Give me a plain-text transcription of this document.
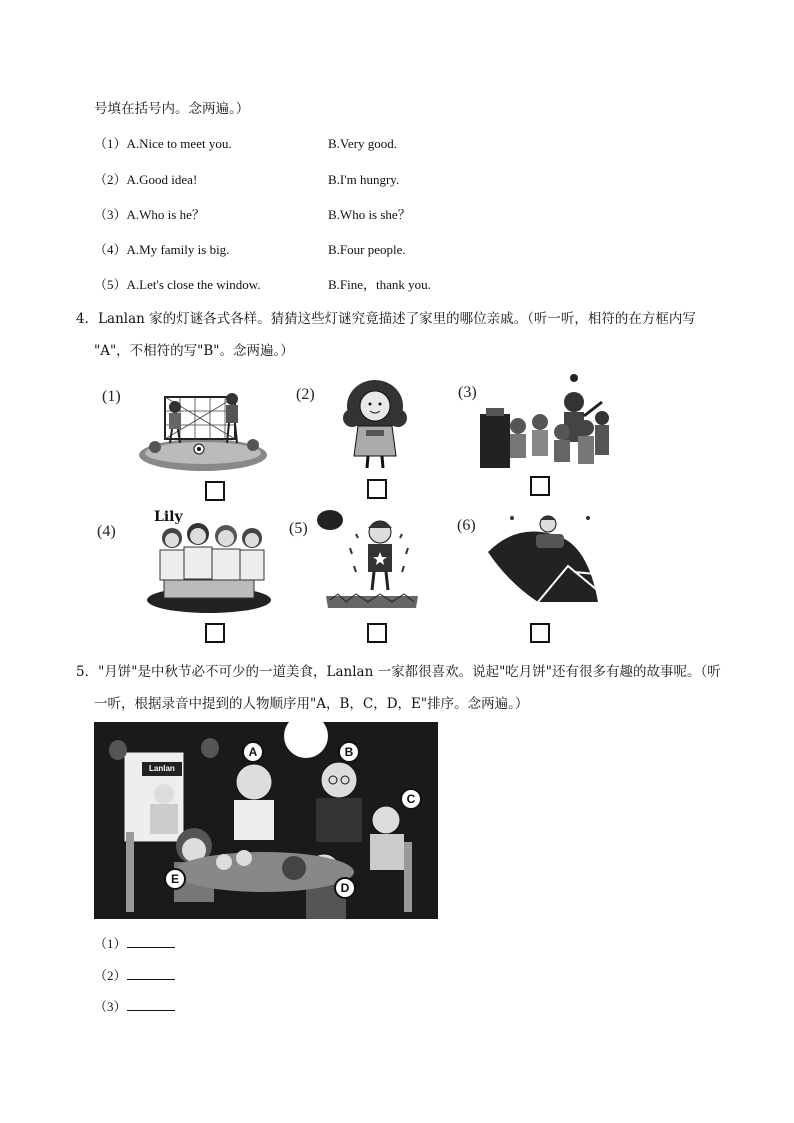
号填在括号内。念两遍。）
（1）A.Nice to meet you.	B.Very good.
（2）A.Good idea!	B.I'm hungry.
（3）A.Who is he？	B.Who is she？
（4）A.My family is big.	B.Four people.
（5）A.Let's close the window.	B.Fine，thank you.
4．Lanlan 家的灯谜各式各样。猜猜这些灯谜究竟描述了家里的哪位亲戚。（听一听，相符的在方框内写
"A"，不相符的写"B"。念两遍。）
(1)	(2)	(3)
(4)
Lily
(5)	(6)
5．"月饼"是中秋节必不可少的一道美食，Lanlan 一家都很喜欢。说起"吃月饼"还有很多有趣的故事呢。（听
一听，根据录音中提到的人物顺序用"A，B，C，D，E"排序。念两遍。）
Lanlan
A	B
C
D
E
（1）
（2）
（3）
